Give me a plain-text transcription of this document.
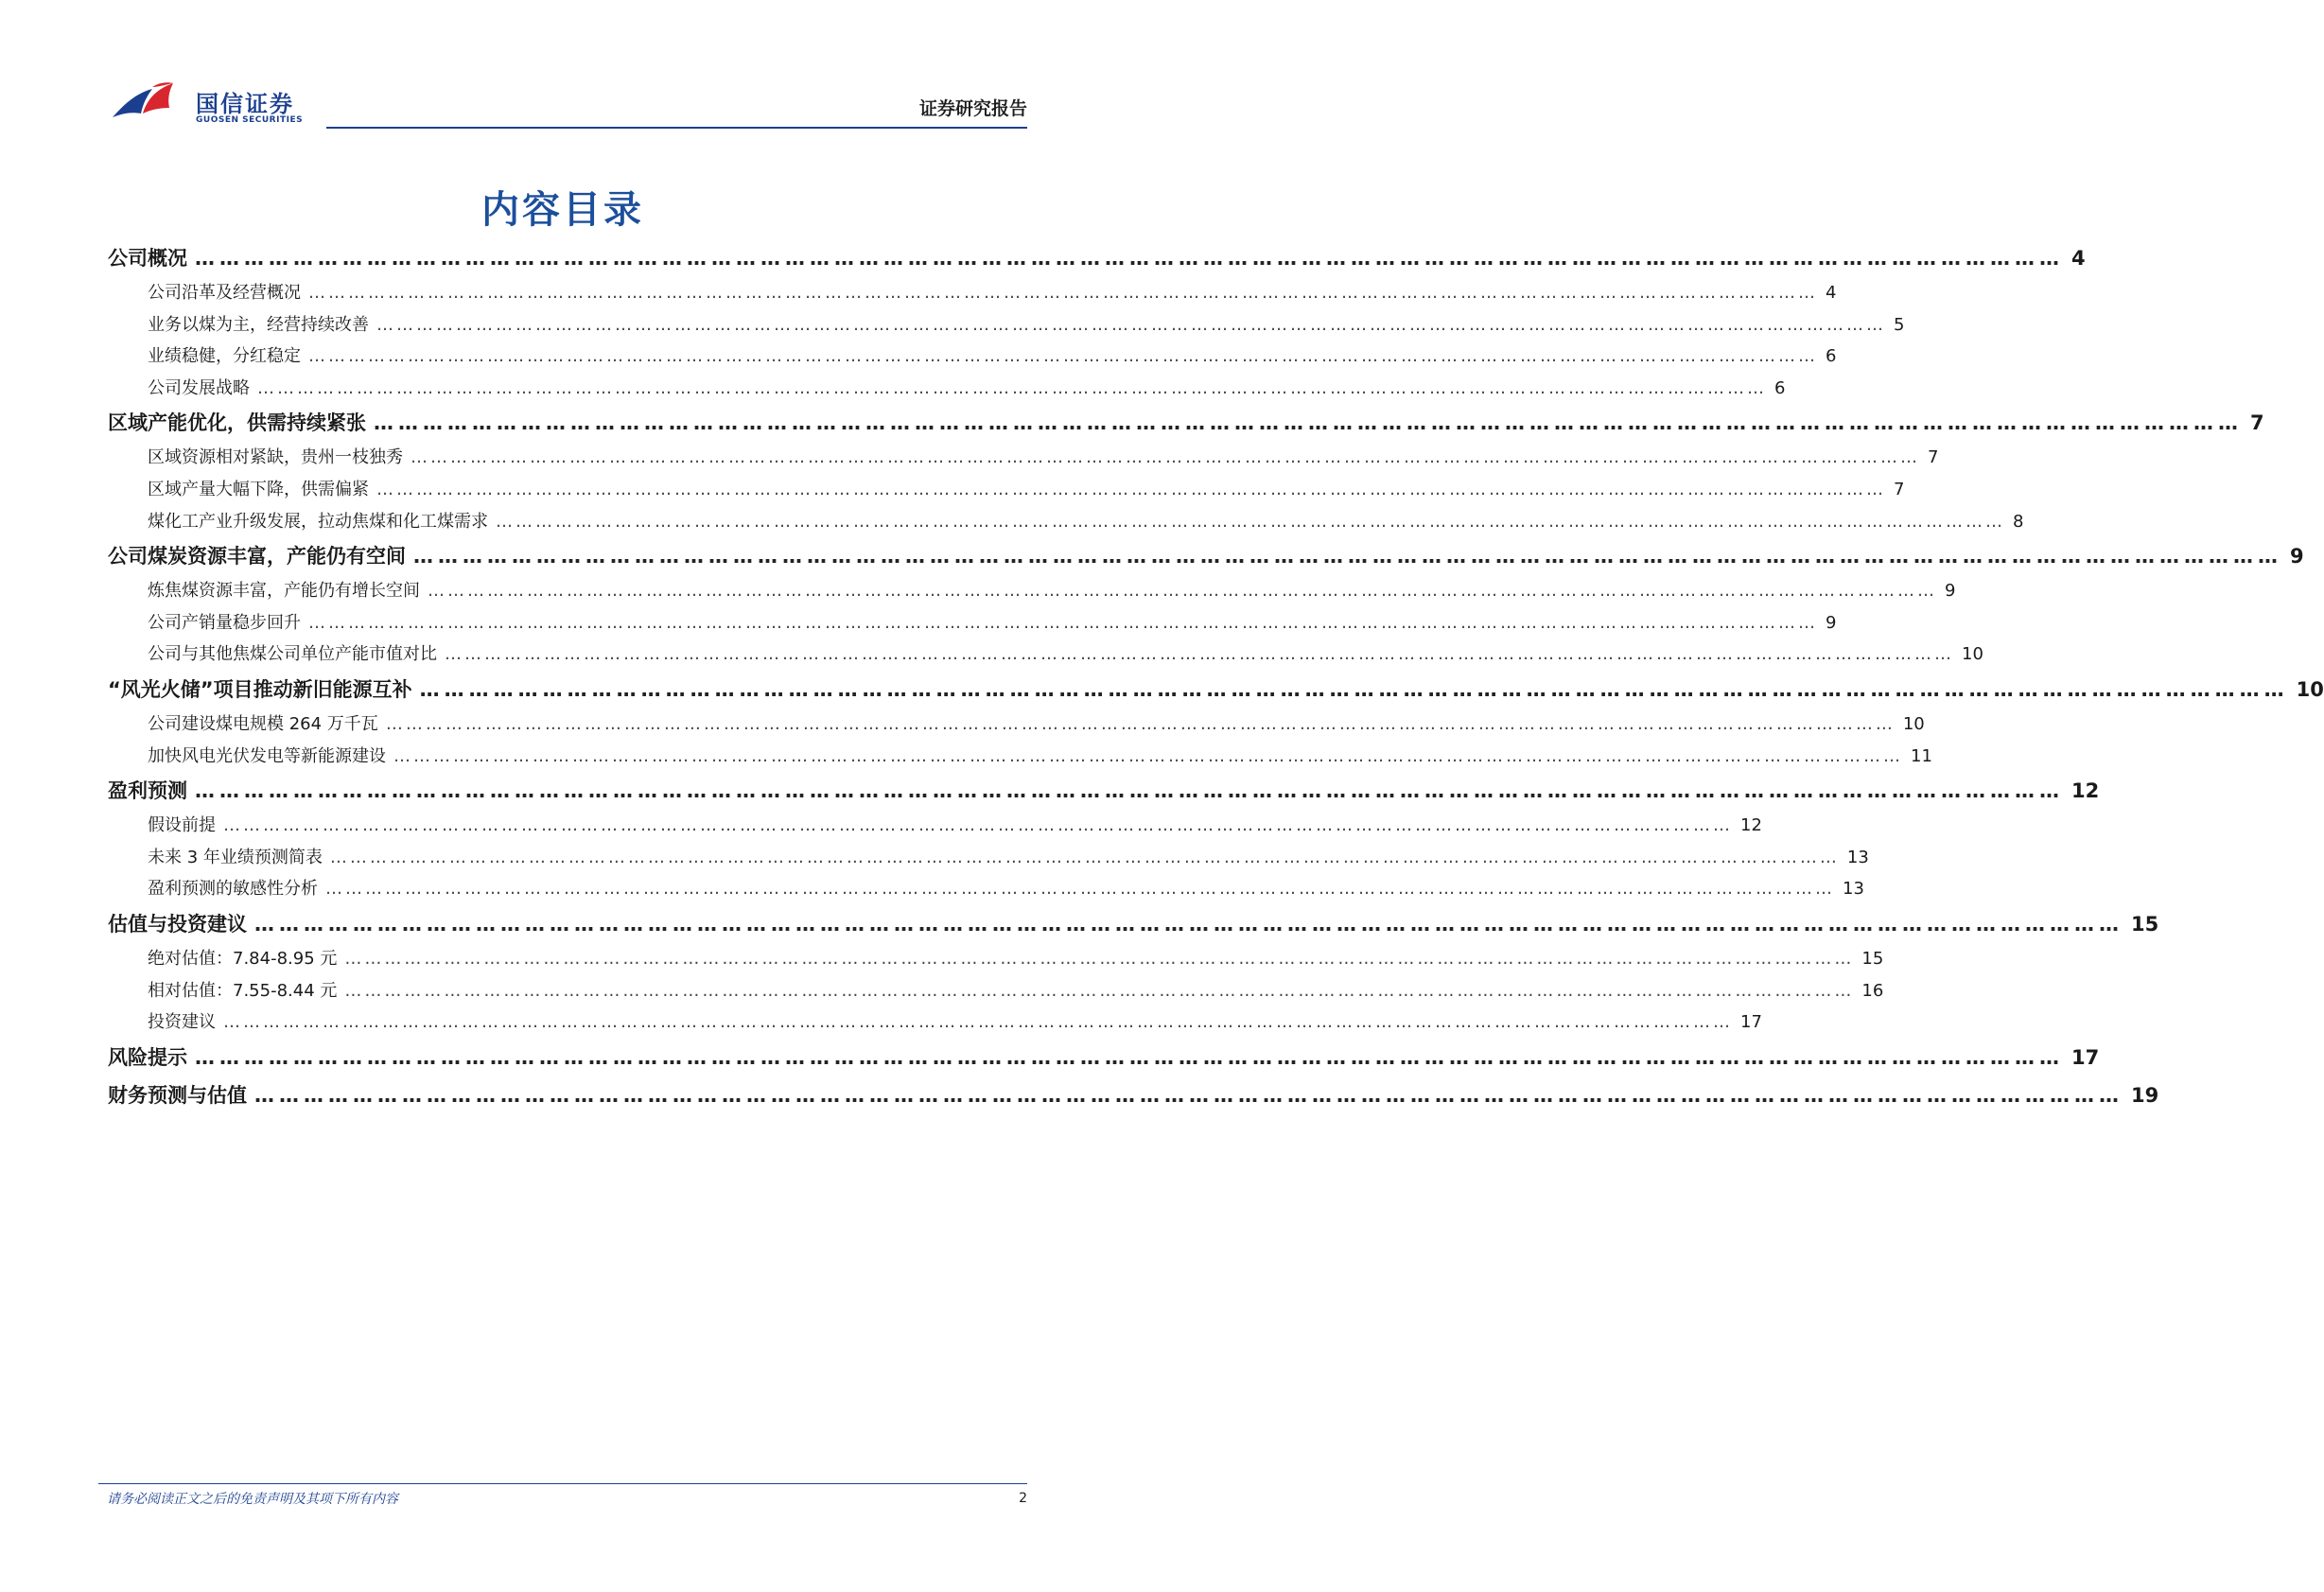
国信证券
GUOSEN SECURITIES
证券研究报告
内容目录
公司概况 ………………………………………………………………………………………………………………………………………………………………………………………………………… 4
公司沿革及经营概况 ………………………………………………………………………………………………………………………………………………………………………………………………………… 4
业务以煤为主，经营持续改善 ………………………………………………………………………………………………………………………………………………………………………………………………………… 5
业绩稳健，分红稳定 ………………………………………………………………………………………………………………………………………………………………………………………………………… 6
公司发展战略 ………………………………………………………………………………………………………………………………………………………………………………………………………… 6
区域产能优化，供需持续紧张 ………………………………………………………………………………………………………………………………………………………………………………………………………… 7
区域资源相对紧缺，贵州一枝独秀 ………………………………………………………………………………………………………………………………………………………………………………………………………… 7
区域产量大幅下降，供需偏紧 ………………………………………………………………………………………………………………………………………………………………………………………………………… 7
煤化工产业升级发展，拉动焦煤和化工煤需求 ………………………………………………………………………………………………………………………………………………………………………………………………………… 8
公司煤炭资源丰富，产能仍有空间 ………………………………………………………………………………………………………………………………………………………………………………………………………… 9
炼焦煤资源丰富，产能仍有增长空间 ………………………………………………………………………………………………………………………………………………………………………………………………………… 9
公司产销量稳步回升 ………………………………………………………………………………………………………………………………………………………………………………………………………… 9
公司与其他焦煤公司单位产能市值对比 ………………………………………………………………………………………………………………………………………………………………………………………………………… 10
“风光火储”项目推动新旧能源互补 ………………………………………………………………………………………………………………………………………………………………………………………………………… 10
公司建设煤电规模 264 万千瓦 ………………………………………………………………………………………………………………………………………………………………………………………………………… 10
加快风电光伏发电等新能源建设 ………………………………………………………………………………………………………………………………………………………………………………………………………… 11
盈利预测 ………………………………………………………………………………………………………………………………………………………………………………………………………… 12
假设前提 ………………………………………………………………………………………………………………………………………………………………………………………………………… 12
未来 3 年业绩预测简表 ………………………………………………………………………………………………………………………………………………………………………………………………………… 13
盈利预测的敏感性分析 ………………………………………………………………………………………………………………………………………………………………………………………………………… 13
估值与投资建议 ………………………………………………………………………………………………………………………………………………………………………………………………………… 15
绝对估值：7.84-8.95 元 ………………………………………………………………………………………………………………………………………………………………………………………………………… 15
相对估值：7.55-8.44 元 ………………………………………………………………………………………………………………………………………………………………………………………………………… 16
投资建议 ………………………………………………………………………………………………………………………………………………………………………………………………………… 17
风险提示 ………………………………………………………………………………………………………………………………………………………………………………………………………… 17
财务预测与估值 ………………………………………………………………………………………………………………………………………………………………………………………………………… 19
请务必阅读正文之后的免责声明及其项下所有内容	2
